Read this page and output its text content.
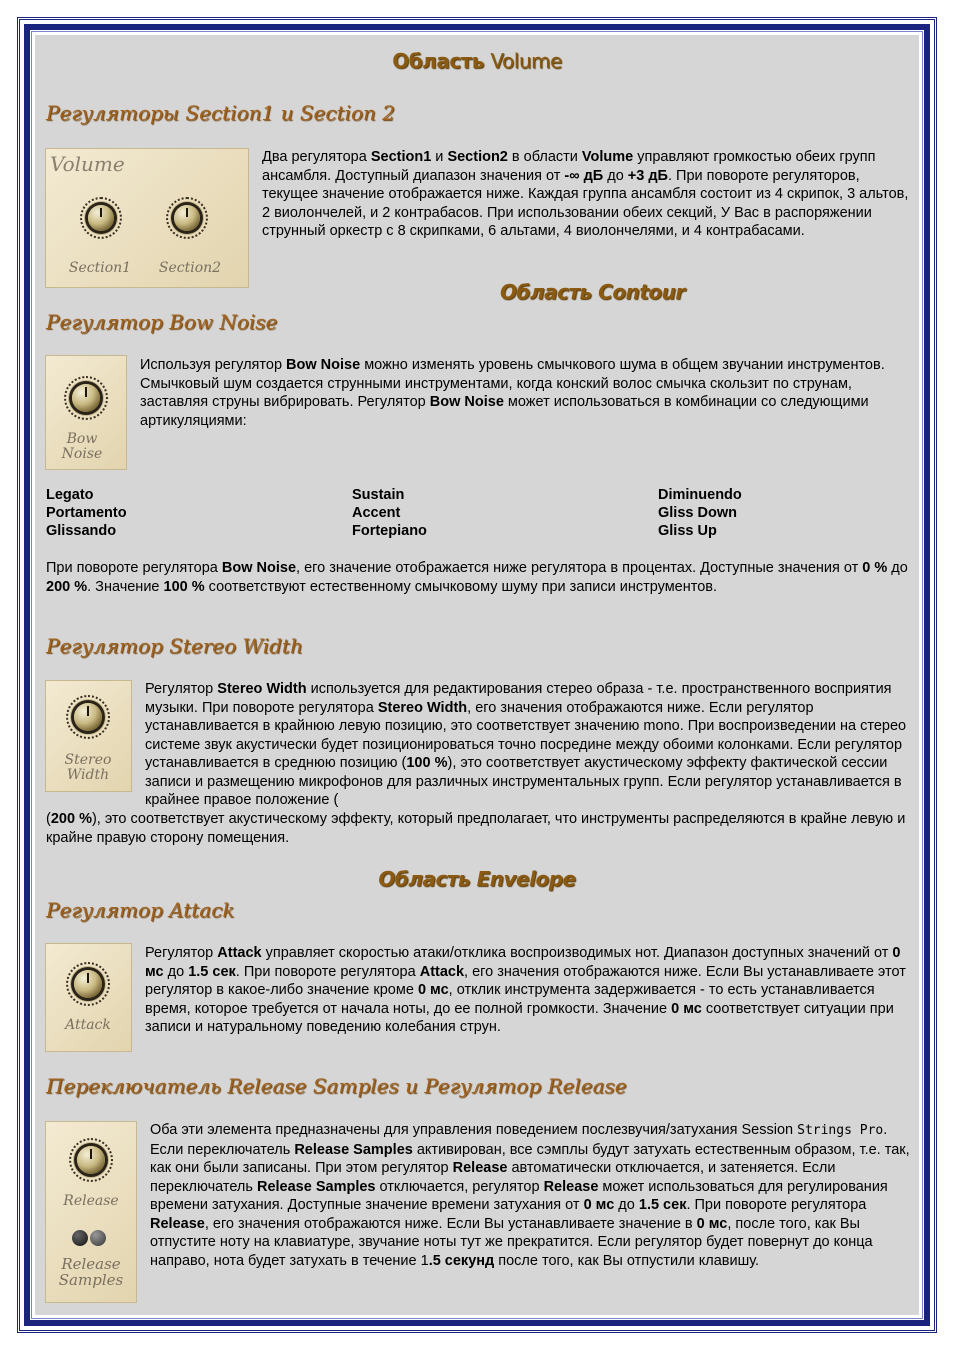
Область Volume
Регуляторы Section1 и Section 2
Volume
Section1	Section2
Два регулятора Section1 и Section2 в области Volume управляют громкостью обеих групп ансамбля. Доступный диапазон значения от -∞ дБ до +3 дБ. При повороте регуляторов, текущее значение отображается ниже. Каждая группа ансамбля состоит из 4 скрипок, 3 альтов, 2 виолончелей, и 2 контрабасов. При использовании обеих секций, У Вас в распоряжении струнный оркестр с 8 скрипками, 6 альтами, 4 виолончелями, и 4 контрабасами.
Область Contour
Регулятор Bow Noise
Bow
Noise
Используя регулятор Bow Noise можно изменять уровень смычкового шума в общем звучании инструментов. Смычковый шум создается струнными инструментами, когда конский волос смычка скользит по струнам, заставляя струны вибрировать. Регулятор Bow Noise может использоваться в комбинации со следующими артикуляциями:
Legato
Portamento
Glissando
Sustain
Accent
Fortepiano
Diminuendo
Gliss Down
Gliss Up
При повороте регулятора Bow Noise, его значение отображается ниже регулятора в процентах. Доступные значения от 0 % до 200 %. Значение 100 % соответствуют естественному смычковому шуму при записи инструментов.
Регулятор Stereo Width
Stereo
Width
Регулятор Stereo Width используется для редактирования стерео образа - т.е. пространственного восприятия музыки. При повороте регулятора Stereo Width, его значения отображаются ниже. Если регулятор устанавливается в крайнюю левую позицию, это соответствует значению mono. При воспроизведении на стерео системе звук акустически будет позиционироваться точно посредине между обоими колонками. Если регулятор устанавливается в среднюю позицию (100 %), это соответствует акустическому эффекту фактической сессии записи и размещению микрофонов для различных инструментальных групп. Если регулятор устанавливается в крайнее правое положение (
(200 %), это соответствует акустическому эффекту, который предполагает, что инструменты распределяются в крайне левую и крайне правую сторону помещения.
Область Envelope
Регулятор Attack
Attack
Регулятор Attack управляет скоростью атаки/отклика воспроизводимых нот. Диапазон доступных значений от 0 мс до 1.5 сек. При повороте регулятора Attack, его значения отображаются ниже. Если Вы устанавливаете этот регулятор в какое-либо значение кроме 0 мс, отклик инструмента задерживается - то есть устанавливается время, которое требуется от начала ноты, до ее полной громкости. Значение 0 мс соответствует ситуации при записи и натуральному поведению колебания струн.
Переключатель Release Samples и Регулятор Release
Release
Release
Samples
Оба эти элемента предназначены для управления поведением послезвучия/затухания Session Strings Pro. Если переключатель Release Samples активирован, все сэмплы будут затухать естественным образом, т.е. так, как они были записаны. При этом регулятор Release автоматически отключается, и затеняется. Если переключатель Release Samples отключается, регулятор Release может использоваться для регулирования времени затухания. Доступные значение времени затухания от 0 мс до 1.5 сек. При повороте регулятора Release, его значения отображаются ниже. Если Вы устанавливаете значение в 0 мс, после того, как Вы отпустите ноту на клавиатуре, звучание ноты тут же прекратится. Если регулятор будет повернут до конца направо, нота будет затухать в течение 1.5 секунд после того, как Вы отпустили клавишу.
